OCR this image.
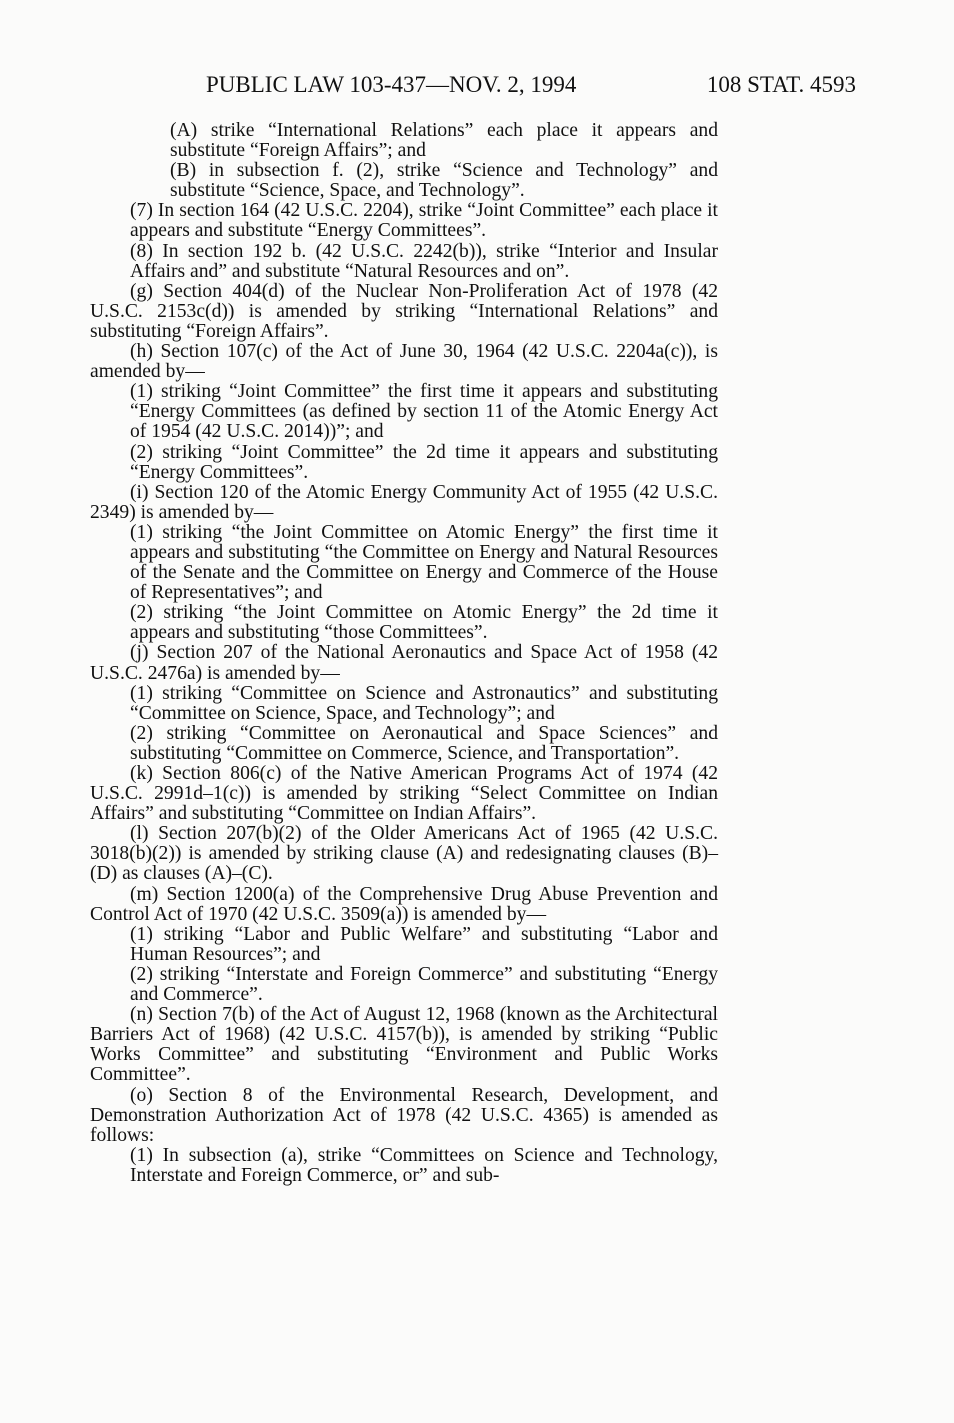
PUBLIC LAW 103-437—NOV. 2, 1994	108 STAT. 4593

(A) strike “International Relations” each place it appears and substitute “Foreign Affairs”; and

(B) in subsection f. (2), strike “Science and Technology” and substitute “Science, Space, and Technology”.

(7) In section 164 (42 U.S.C. 2204), strike “Joint Committee” each place it appears and substitute “Energy Committees”.

(8) In section 192 b. (42 U.S.C. 2242(b)), strike “Interior and Insular Affairs and” and substitute “Natural Resources and on”.

(g) Section 404(d) of the Nuclear Non-Proliferation Act of 1978 (42 U.S.C. 2153c(d)) is amended by striking “International Relations” and substituting “Foreign Affairs”.

(h) Section 107(c) of the Act of June 30, 1964 (42 U.S.C. 2204a(c)), is amended by—

(1) striking “Joint Committee” the first time it appears and substituting “Energy Committees (as defined by section 11 of the Atomic Energy Act of 1954 (42 U.S.C. 2014))”; and

(2) striking “Joint Committee” the 2d time it appears and substituting “Energy Committees”.

(i) Section 120 of the Atomic Energy Community Act of 1955 (42 U.S.C. 2349) is amended by—

(1) striking “the Joint Committee on Atomic Energy” the first time it appears and substituting “the Committee on Energy and Natural Resources of the Senate and the Committee on Energy and Commerce of the House of Representatives”; and

(2) striking “the Joint Committee on Atomic Energy” the 2d time it appears and substituting “those Committees”.

(j) Section 207 of the National Aeronautics and Space Act of 1958 (42 U.S.C. 2476a) is amended by—

(1) striking “Committee on Science and Astronautics” and substituting “Committee on Science, Space, and Technology”; and

(2) striking “Committee on Aeronautical and Space Sciences” and substituting “Committee on Commerce, Science, and Transportation”.

(k) Section 806(c) of the Native American Programs Act of 1974 (42 U.S.C. 2991d–1(c)) is amended by striking “Select Committee on Indian Affairs” and substituting “Committee on Indian Affairs”.

(l) Section 207(b)(2) of the Older Americans Act of 1965 (42 U.S.C. 3018(b)(2)) is amended by striking clause (A) and redesignating clauses (B)–(D) as clauses (A)–(C).

(m) Section 1200(a) of the Comprehensive Drug Abuse Prevention and Control Act of 1970 (42 U.S.C. 3509(a)) is amended by—

(1) striking “Labor and Public Welfare” and substituting “Labor and Human Resources”; and

(2) striking “Interstate and Foreign Commerce” and substituting “Energy and Commerce”.

(n) Section 7(b) of the Act of August 12, 1968 (known as the Architectural Barriers Act of 1968) (42 U.S.C. 4157(b)), is amended by striking “Public Works Committee” and substituting “Environment and Public Works Committee”.

(o) Section 8 of the Environmental Research, Development, and Demonstration Authorization Act of 1978 (42 U.S.C. 4365) is amended as follows:

(1) In subsection (a), strike “Committees on Science and Technology, Interstate and Foreign Commerce, or” and sub-
